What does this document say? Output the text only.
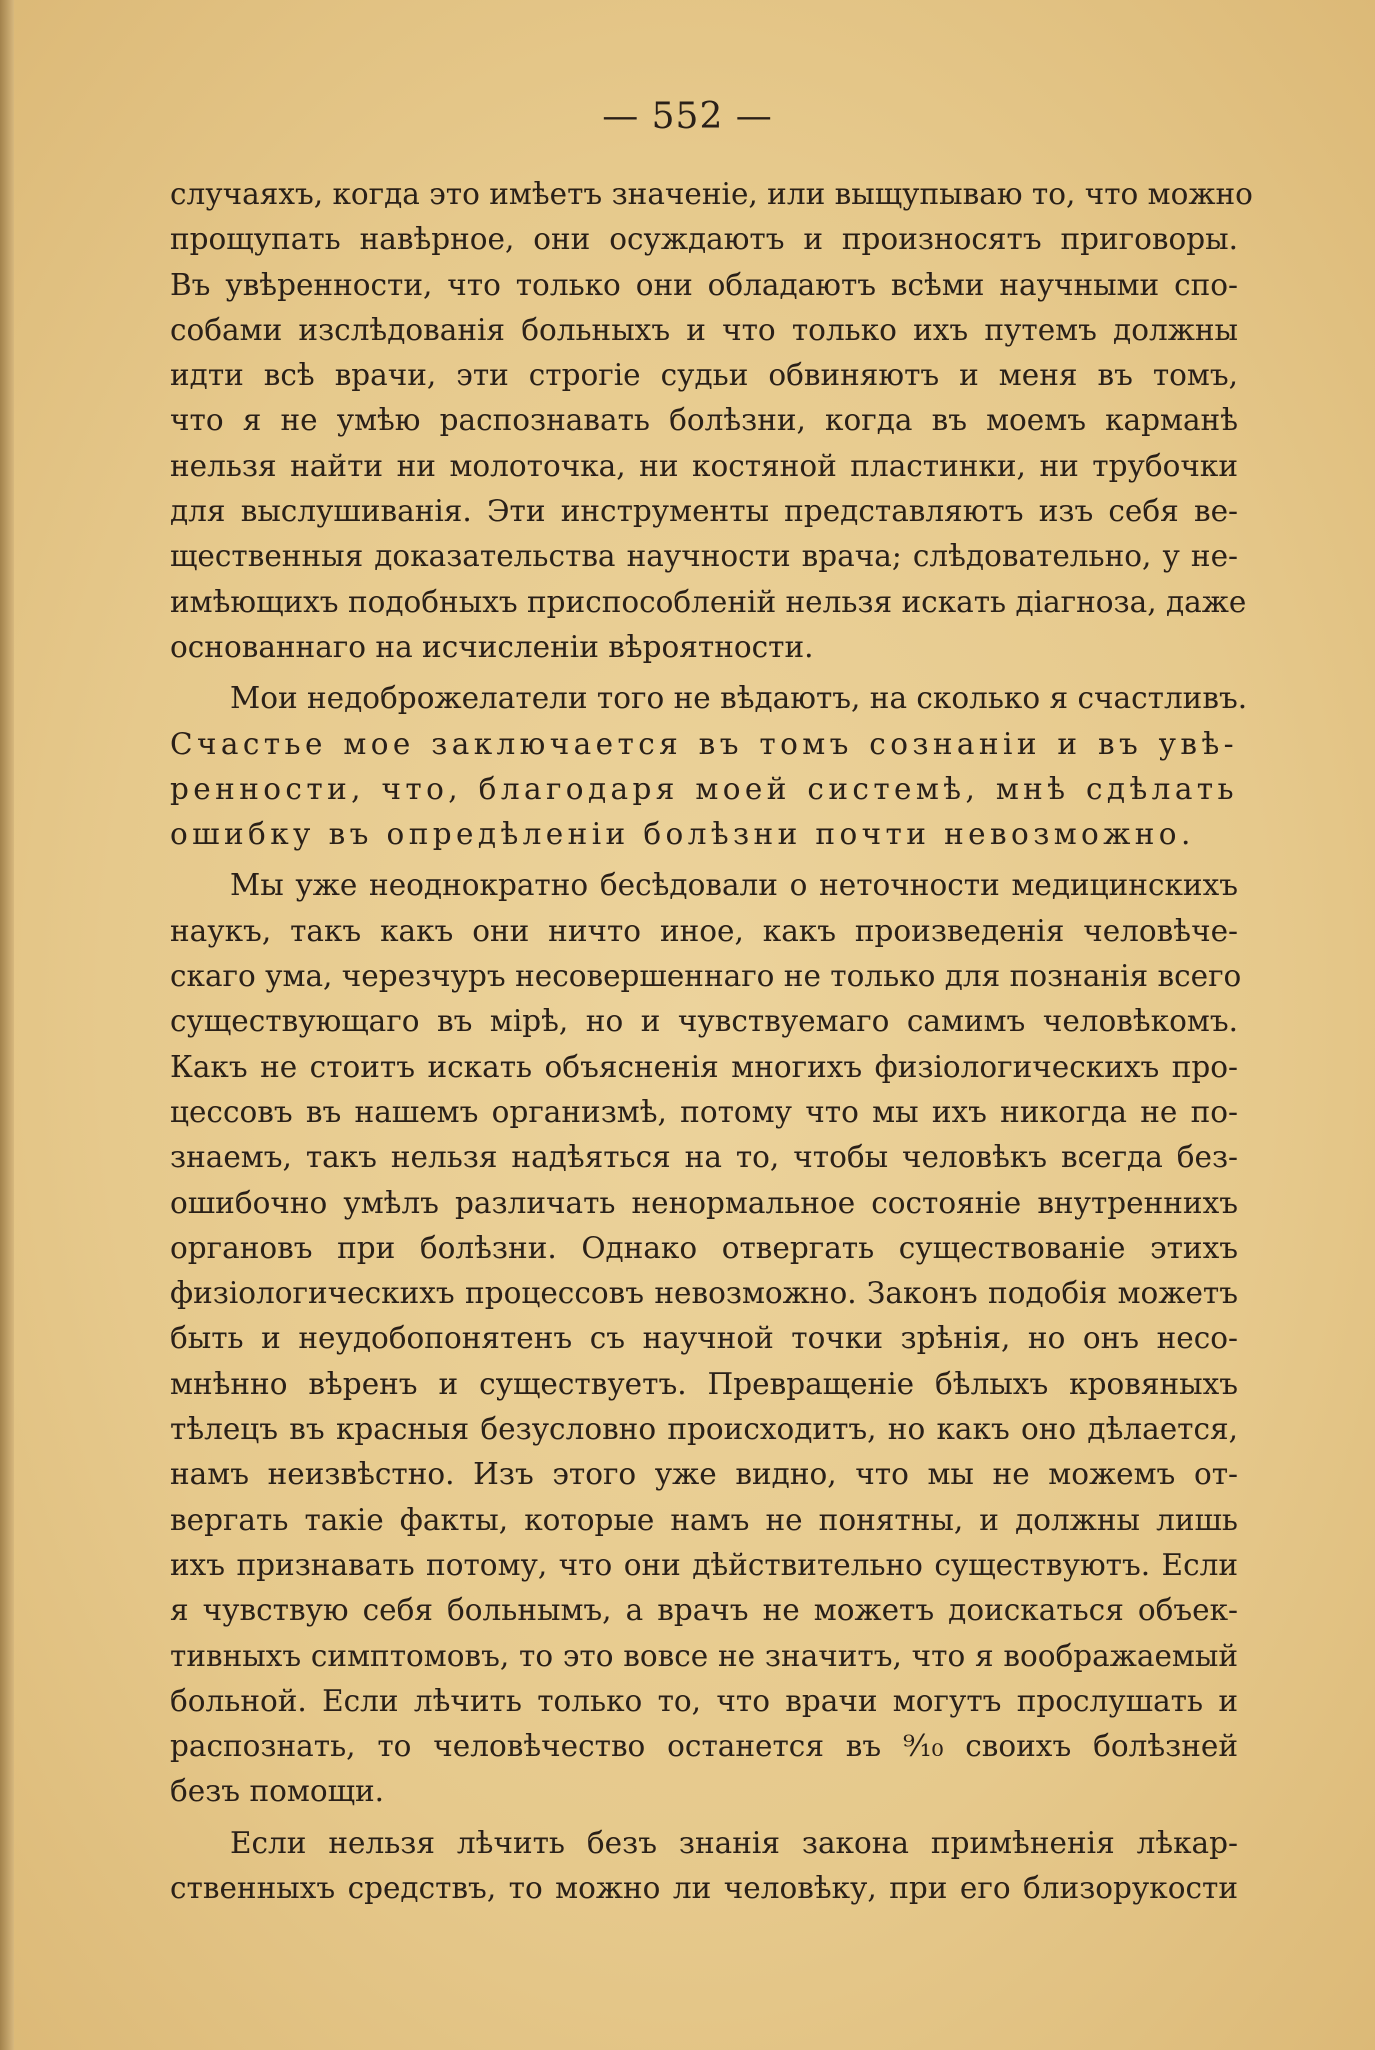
— 552 —
случаяхъ, когда это имѣетъ значеніе, или выщупываю то, что можно
прощупать навѣрное, они осуждаютъ и произносятъ приговоры.
Въ увѣренности, что только они обладаютъ всѣми научными спо-
собами изслѣдованія больныхъ и что только ихъ путемъ должны
идти всѣ врачи, эти строгіе судьи обвиняютъ и меня въ томъ,
что я не умѣю распознавать болѣзни, когда въ моемъ карманѣ
нельзя найти ни молоточка, ни костяной пластинки, ни трубочки
для выслушиванія. Эти инструменты представляютъ изъ себя ве-
щественныя доказательства научности врача; слѣдовательно, у не-
имѣющихъ подобныхъ приспособленій нельзя искать діагноза, даже
основаннаго на исчисленіи вѣроятности.
Мои недоброжелатели того не вѣдаютъ, на сколько я счастливъ.
Счастье мое заключается въ томъ сознаніи и въ увѣ-
ренности, что, благодаря моей системѣ, мнѣ сдѣлать
ошибку въ опредѣленіи болѣзни почти невозможно.
Мы уже неоднократно бесѣдовали о неточности медицинскихъ
наукъ, такъ какъ они ничто иное, какъ произведенія человѣче-
скаго ума, черезчуръ несовершеннаго не только для познанія всего
существующаго въ мірѣ, но и чувствуемаго самимъ человѣкомъ.
Какъ не стоитъ искать объясненія многихъ физіологическихъ про-
цессовъ въ нашемъ организмѣ, потому что мы ихъ никогда не по-
знаемъ, такъ нельзя надѣяться на то, чтобы человѣкъ всегда без-
ошибочно умѣлъ различать ненормальное состояніе внутреннихъ
органовъ при болѣзни. Однако отвергать существованіе этихъ
физіологическихъ процессовъ невозможно. Законъ подобія можетъ
быть и неудобопонятенъ съ научной точки зрѣнія, но онъ несо-
мнѣнно вѣренъ и существуетъ. Превращеніе бѣлыхъ кровяныхъ
тѣлецъ въ красныя безусловно происходитъ, но какъ оно дѣлается,
намъ неизвѣстно. Изъ этого уже видно, что мы не можемъ от-
вергать такіе факты, которые намъ не понятны, и должны лишь
ихъ признавать потому, что они дѣйствительно существуютъ. Если
я чувствую себя больнымъ, а врачъ не можетъ доискаться объек-
тивныхъ симптомовъ, то это вовсе не значитъ, что я воображаемый
больной. Если лѣчить только то, что врачи могутъ прослушать и
распознать, то человѣчество останется въ ⁹⁄₁₀ своихъ болѣзней
безъ помощи.
Если нельзя лѣчить безъ знанія закона примѣненія лѣкар-
ственныхъ средствъ, то можно ли человѣку, при его близорукости
